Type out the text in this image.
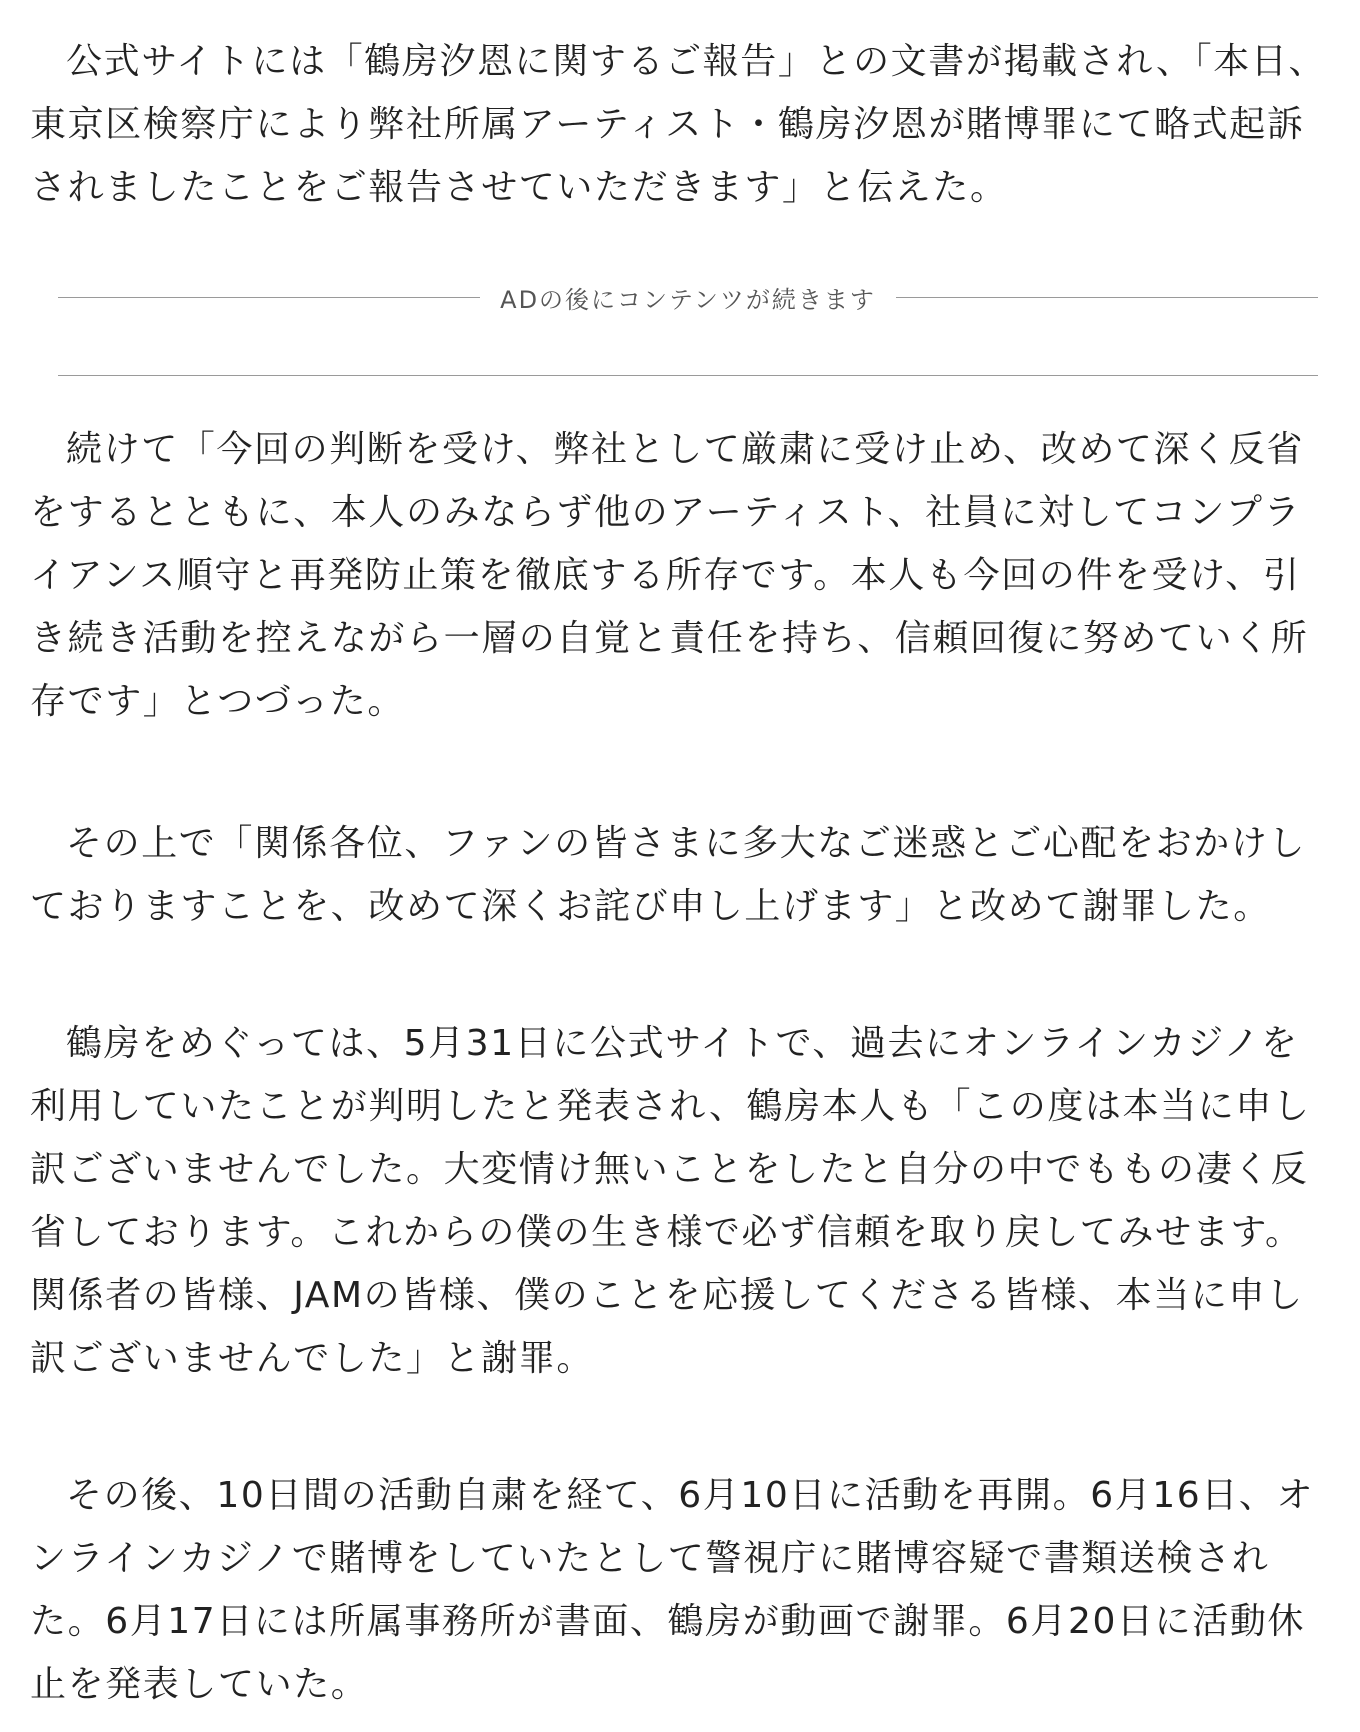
公式サイトには「鶴房汐恩に関するご報告」との文書が掲載され、「本日、東京区検察庁により弊社所属アーティスト・鶴房汐恩が賭博罪にて略式起訴されましたことをご報告させていただきます」と伝えた。

ADの後にコンテンツが続きます

続けて「今回の判断を受け、弊社として厳粛に受け止め、改めて深く反省をするとともに、本人のみならず他のアーティスト、社員に対してコンプライアンス順守と再発防止策を徹底する所存です。本人も今回の件を受け、引き続き活動を控えながら一層の自覚と責任を持ち、信頼回復に努めていく所存です」とつづった。

その上で「関係各位、ファンの皆さまに多大なご迷惑とご心配をおかけしておりますことを、改めて深くお詫び申し上げます」と改めて謝罪した。

鶴房をめぐっては、5月31日に公式サイトで、過去にオンラインカジノを利用していたことが判明したと発表され、鶴房本人も「この度は本当に申し訳ございませんでした。大変情け無いことをしたと自分の中でももの凄く反省しております。これからの僕の生き様で必ず信頼を取り戻してみせます。関係者の皆様、JAMの皆様、僕のことを応援してくださる皆様、本当に申し訳ございませんでした」と謝罪。

その後、10日間の活動自粛を経て、6月10日に活動を再開。6月16日、オンラインカジノで賭博をしていたとして警視庁に賭博容疑で書類送検された。6月17日には所属事務所が書面、鶴房が動画で謝罪。6月20日に活動休止を発表していた。
